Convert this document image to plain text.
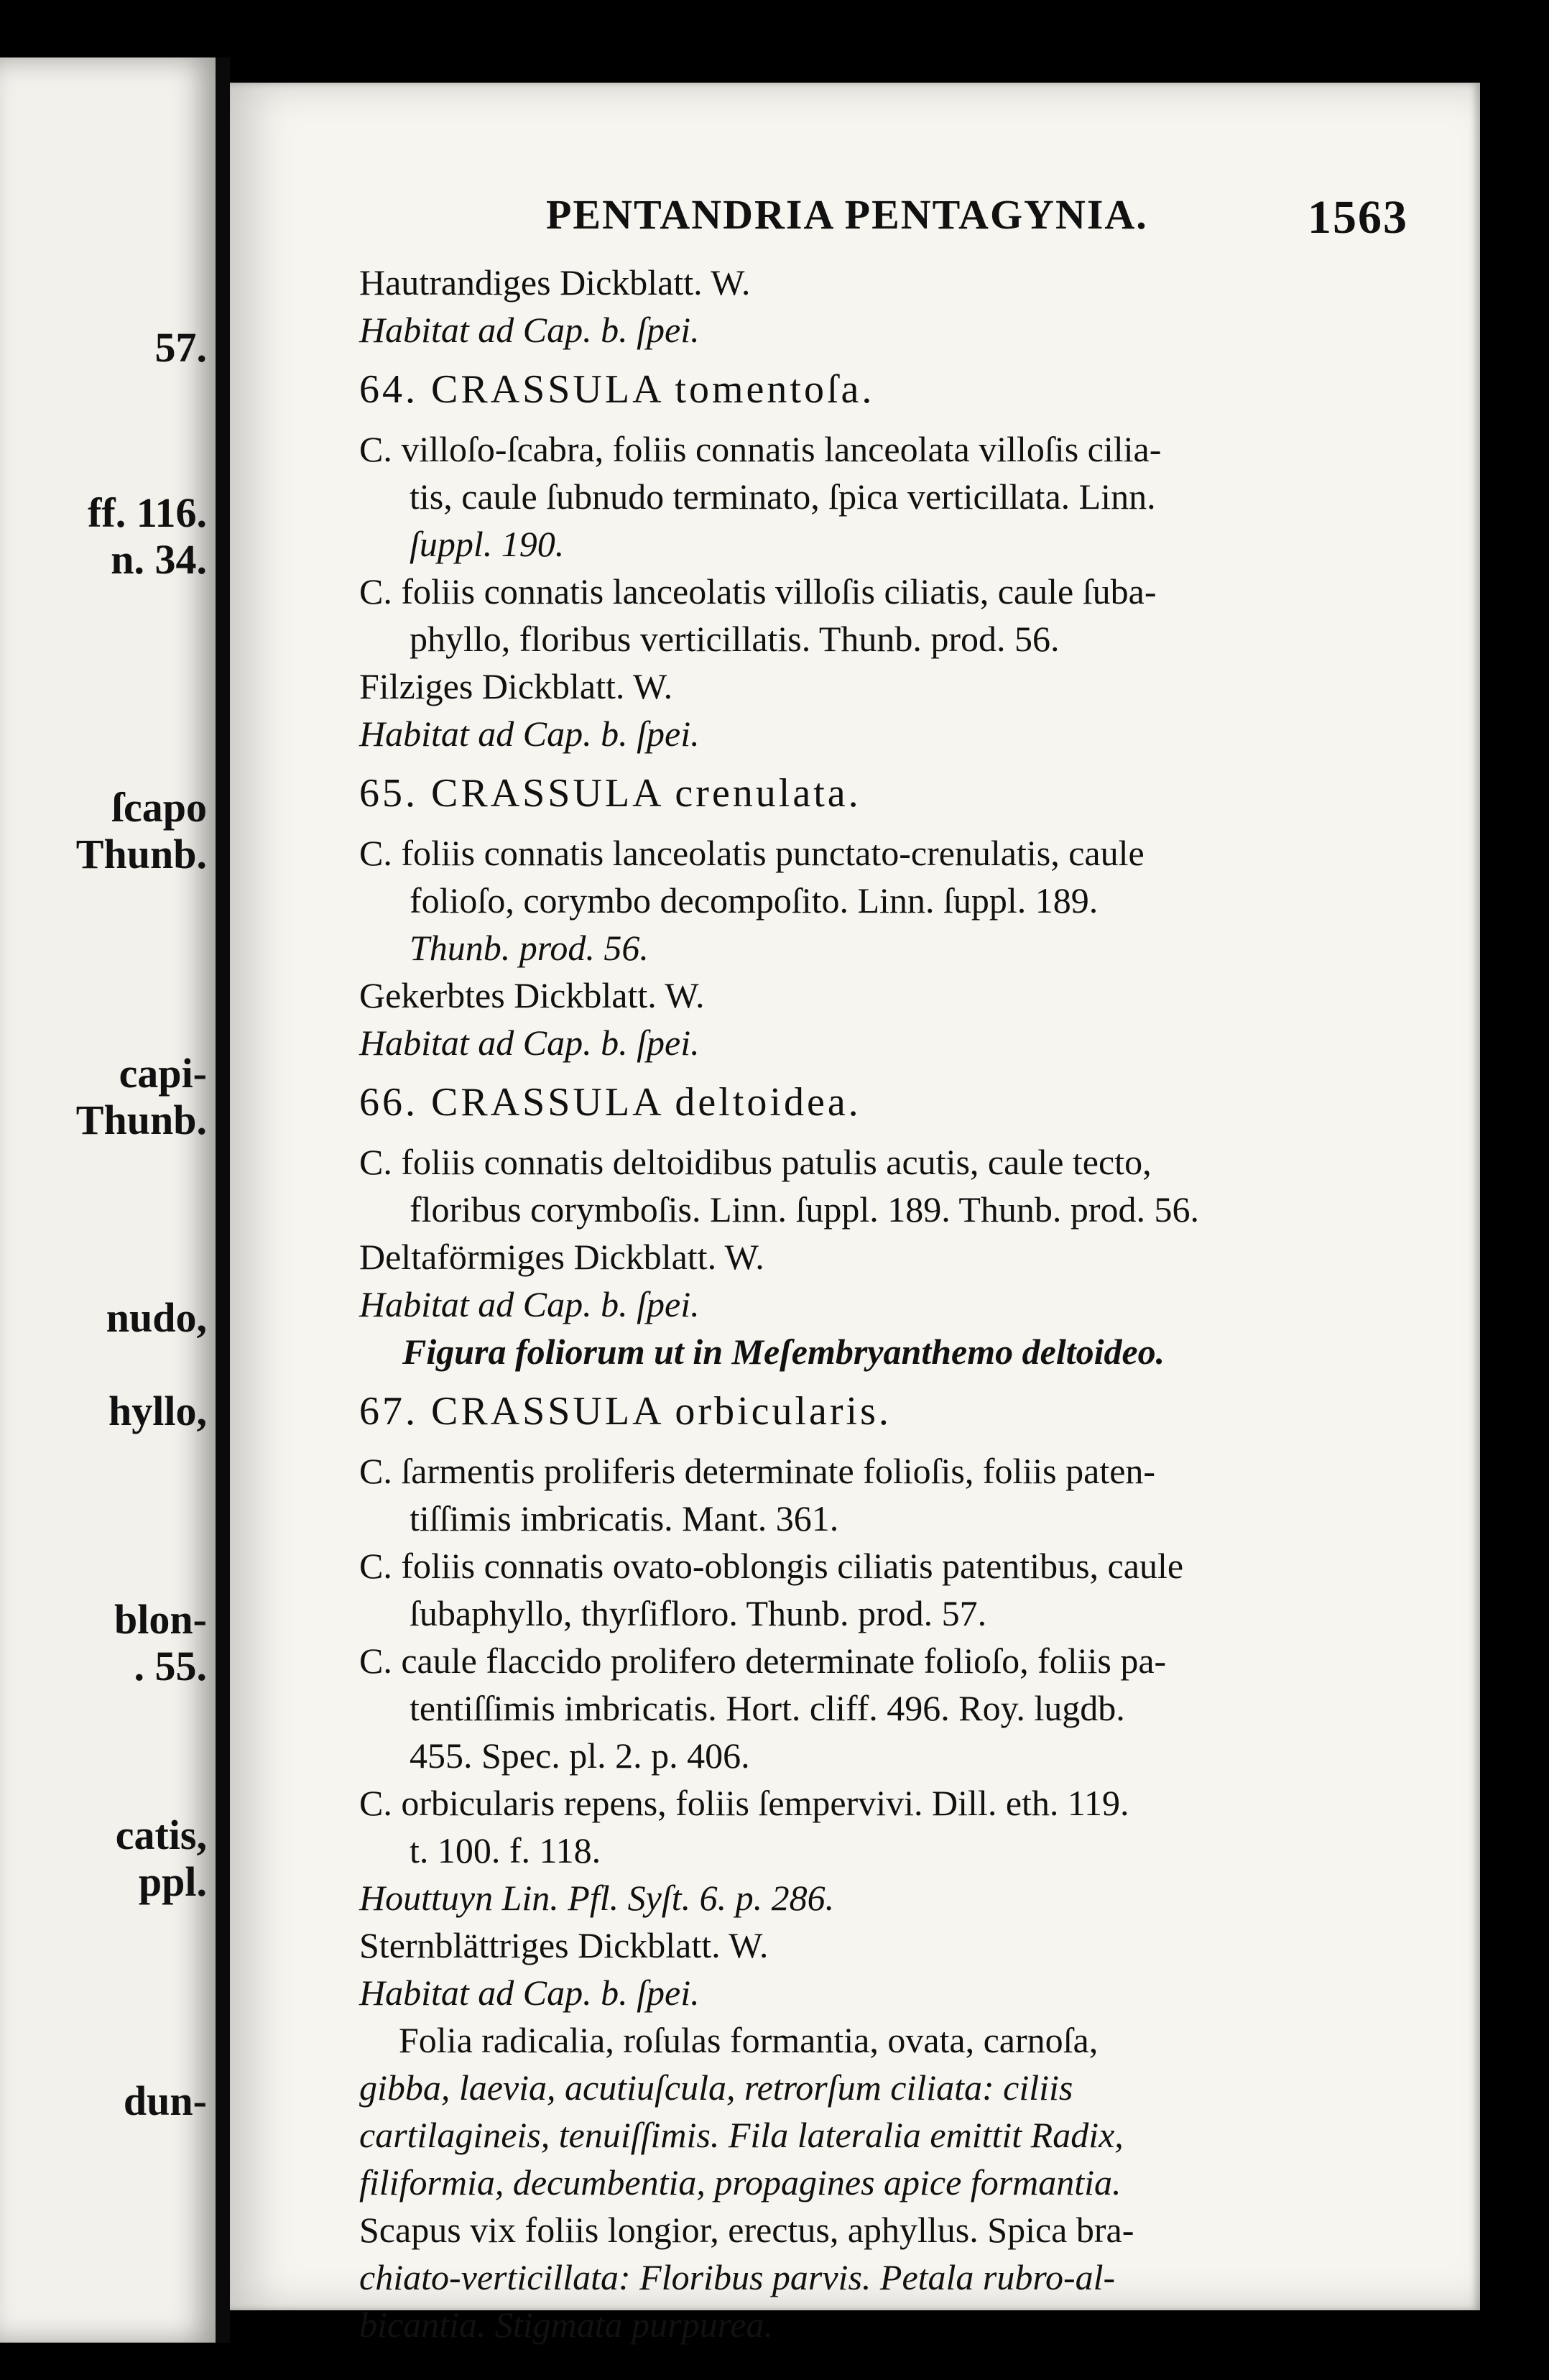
57.
ff. 116.
n. 34.
ſcapo
Thunb.
capi-
Thunb.
nudo,
hyllo,
blon-
. 55.
catis,
ppl.
dun-
PENTANDRIA PENTAGYNIA.	1563
Hautrandiges Dickblatt. W.
Habitat ad Cap. b. ſpei.
64. CRASSULA tomentoſa.
C. villoſo-ſcabra, foliis connatis lanceolata villoſis cilia-
tis, caule ſubnudo terminato, ſpica verticillata. Linn.
ſuppl. 190.
C. foliis connatis lanceolatis villoſis ciliatis, caule ſuba-
phyllo, floribus verticillatis. Thunb. prod. 56.
Filziges Dickblatt. W.
Habitat ad Cap. b. ſpei.
65. CRASSULA crenulata.
C. foliis connatis lanceolatis punctato-crenulatis, caule
folioſo, corymbo decompoſito. Linn. ſuppl. 189.
Thunb. prod. 56.
Gekerbtes Dickblatt. W.
Habitat ad Cap. b. ſpei.
66. CRASSULA deltoidea.
C. foliis connatis deltoidibus patulis acutis, caule tecto,
floribus corymboſis. Linn. ſuppl. 189. Thunb. prod. 56.
Deltaförmiges Dickblatt. W.
Habitat ad Cap. b. ſpei.
Figura foliorum ut in Meſembryanthemo deltoideo.
67. CRASSULA orbicularis.
C. ſarmentis proliferis determinate folioſis, foliis paten-
tiſſimis imbricatis. Mant. 361.
C. foliis connatis ovato-oblongis ciliatis patentibus, caule
ſubaphyllo, thyrſifloro. Thunb. prod. 57.
C. caule flaccido prolifero determinate folioſo, foliis pa-
tentiſſimis imbricatis. Hort. cliff. 496. Roy. lugdb.
455. Spec. pl. 2. p. 406.
C. orbicularis repens, foliis ſempervivi. Dill. eth. 119.
t. 100. f. 118.
Houttuyn Lin. Pfl. Syſt. 6. p. 286.
Sternblättriges Dickblatt. W.
Habitat ad Cap. b. ſpei.
Folia radicalia, roſulas formantia, ovata, carnoſa,
gibba, laevia, acutiuſcula, retrorſum ciliata: ciliis
cartilagineis, tenuiſſimis. Fila lateralia emittit Radix,
filiformia, decumbentia, propagines apice formantia.
Scapus vix foliis longior, erectus, aphyllus. Spica bra-
chiato-verticillata: Floribus parvis. Petala rubro-al-
bicantia. Stigmata purpurea.
